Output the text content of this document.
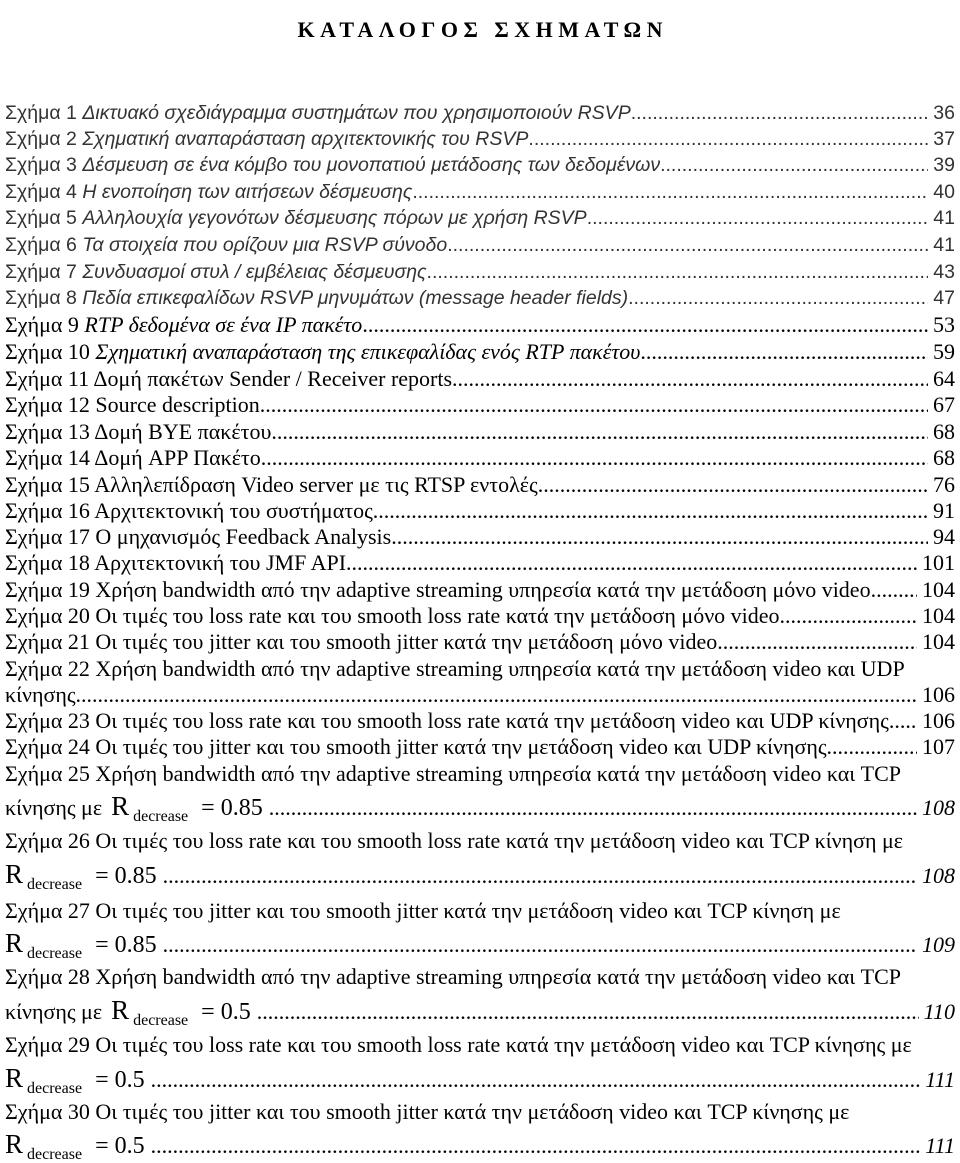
ΚΑΤΑΛΟΓΟΣ ΣΧΗΜΑΤΩΝ
Σχήμα 1 Δικτυακό σχεδιάγραμμα συστημάτων που χρησιμοποιούν RSVP .....	36
Σχήμα 2 Σχηματική αναπαράσταση αρχιτεκτονικής του RSVP .....	37
Σχήμα 3 Δέσμευση σε ένα κόμβο του μονοπατιού μετάδοσης των δεδομένων .....	39
Σχήμα 4 Η ενοποίηση των αιτήσεων δέσμευσης .....	40
Σχήμα 5 Αλληλουχία γεγονότων δέσμευσης πόρων με χρήση RSVP .....	41
Σχήμα 6 Τα στοιχεία που ορίζουν μια RSVP σύνοδο .....	41
Σχήμα 7 Συνδυασμοί στυλ / εμβέλειας δέσμευσης .....	43
Σχήμα 8 Πεδία επικεφαλίδων RSVP μηνυμάτων (message header fields) .....	47
Σχήμα 9 RTP δεδομένα σε ένα IP πακέτο .....	53
Σχήμα 10 Σχηματική αναπαράσταση της επικεφαλίδας ενός RTP πακέτου .....	59
Σχήμα 11 Δομή πακέτων Sender / Receiver reports .....	64
Σχήμα 12 Source description .....	67
Σχήμα 13 Δομή BYE πακέτου .....	68
Σχήμα 14 Δομή APP Πακέτο .....	68
Σχήμα 15 Αλληλεπίδραση Video server με τις RTSP εντολές .....	76
Σχήμα 16 Αρχιτεκτονική του συστήματος .....	91
Σχήμα 17 Ο μηχανισμός Feedback Analysis .....	94
Σχήμα 18 Αρχιτεκτονική του JMF API .....	101
Σχήμα 19 Χρήση bandwidth από την adaptive streaming υπηρεσία κατά την μετάδοση μόνο video ..... 104
Σχήμα 20 Οι τιμές του loss rate και του smooth loss rate κατά την μετάδοση μόνο video .....	104
Σχήμα 21 Οι τιμές του jitter και του smooth jitter κατά την μετάδοση μόνο video .....	104
Σχήμα 22 Χρήση bandwidth από την adaptive streaming υπηρεσία κατά την μετάδοση video και UDP
κίνησης .....	106
Σχήμα 23 Οι τιμές του loss rate και του smooth loss rate κατά την μετάδοση video και UDP κίνησης ..... 106
Σχήμα 24 Οι τιμές του jitter και του smooth jitter κατά την μετάδοση video και UDP κίνησης .....	107
Σχήμα 25 Χρήση bandwidth από την adaptive streaming υπηρεσία κατά την μετάδοση video και TCP
κίνησης με R $_{decrease}$ = 0.85 .....	108
Σχήμα 26 Οι τιμές του loss rate και του smooth loss rate κατά την μετάδοση video και TCP κίνηση με
R $_{decrease}$ = 0.85 .....	108
Σχήμα 27 Οι τιμές του jitter και του smooth jitter κατά την μετάδοση video και TCP κίνηση με
R $_{decrease}$ = 0.85 .....	109
Σχήμα 28 Χρήση bandwidth από την adaptive streaming υπηρεσία κατά την μετάδοση video και TCP
κίνησης με R $_{decrease}$ = 0.5 .....	110
Σχήμα 29 Οι τιμές του loss rate και του smooth loss rate κατά την μετάδοση video και TCP κίνησης με
R $_{decrease}$ = 0.5 .....	111
Σχήμα 30 Οι τιμές του jitter και του smooth jitter κατά την μετάδοση video και TCP κίνησης με
R $_{decrease}$ = 0.5 .....	111
